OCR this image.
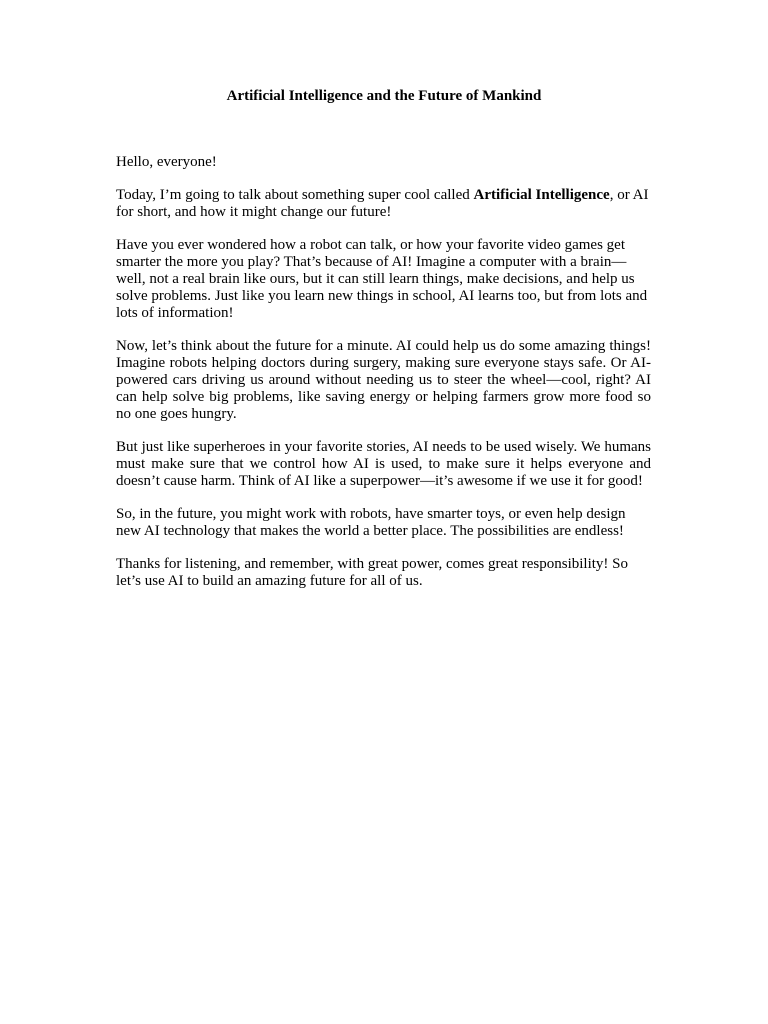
Artificial Intelligence and the Future of Mankind

Hello, everyone!

Today, I’m going to talk about something super cool called Artificial Intelligence, or AI for short, and how it might change our future!

Have you ever wondered how a robot can talk, or how your favorite video games get smarter the more you play? That’s because of AI! Imagine a computer with a brain—well, not a real brain like ours, but it can still learn things, make decisions, and help us solve problems. Just like you learn new things in school, AI learns too, but from lots and lots of information!

Now, let’s think about the future for a minute. AI could help us do some amazing things! Imagine robots helping doctors during surgery, making sure everyone stays safe. Or AI-powered cars driving us around without needing us to steer the wheel—cool, right? AI can help solve big problems, like saving energy or helping farmers grow more food so no one goes hungry.

But just like superheroes in your favorite stories, AI needs to be used wisely. We humans must make sure that we control how AI is used, to make sure it helps everyone and doesn’t cause harm. Think of AI like a superpower—it’s awesome if we use it for good!

So, in the future, you might work with robots, have smarter toys, or even help design new AI technology that makes the world a better place. The possibilities are endless!

Thanks for listening, and remember, with great power, comes great responsibility! So let’s use AI to build an amazing future for all of us.
